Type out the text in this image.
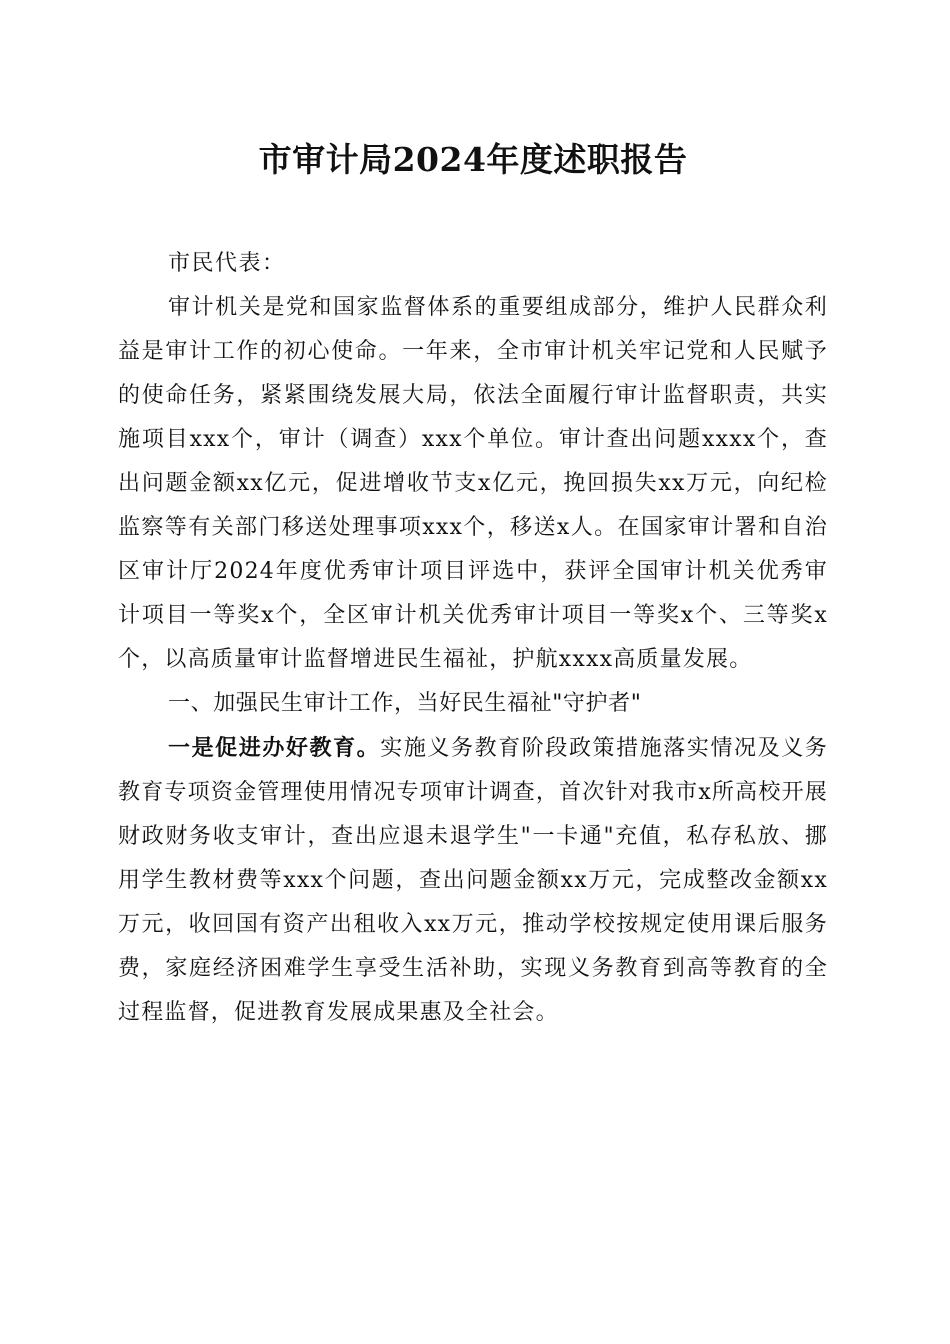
市审计局2024年度述职报告

市民代表：

审计机关是党和国家监督体系的重要组成部分，维护人民群众利益是审计工作的初心使命。一年来，全市审计机关牢记党和人民赋予的使命任务，紧紧围绕发展大局，依法全面履行审计监督职责，共实施项目xxx个，审计（调查）xxx个单位。审计查出问题xxxx个，查出问题金额xx亿元，促进增收节支x亿元，挽回损失xx万元，向纪检监察等有关部门移送处理事项xxx个，移送x人。在国家审计署和自治区审计厅2024年度优秀审计项目评选中，获评全国审计机关优秀审计项目一等奖x个，全区审计机关优秀审计项目一等奖x个、三等奖x个，以高质量审计监督增进民生福祉，护航xxxx高质量发展。

一、加强民生审计工作，当好民生福祉"守护者"

一是促进办好教育。实施义务教育阶段政策措施落实情况及义务教育专项资金管理使用情况专项审计调查，首次针对我市x所高校开展财政财务收支审计，查出应退未退学生"一卡通"充值，私存私放、挪用学生教材费等xxx个问题，查出问题金额xx万元，完成整改金额xx万元，收回国有资产出租收入xx万元，推动学校按规定使用课后服务费，家庭经济困难学生享受生活补助，实现义务教育到高等教育的全过程监督，促进教育发展成果惠及全社会。
